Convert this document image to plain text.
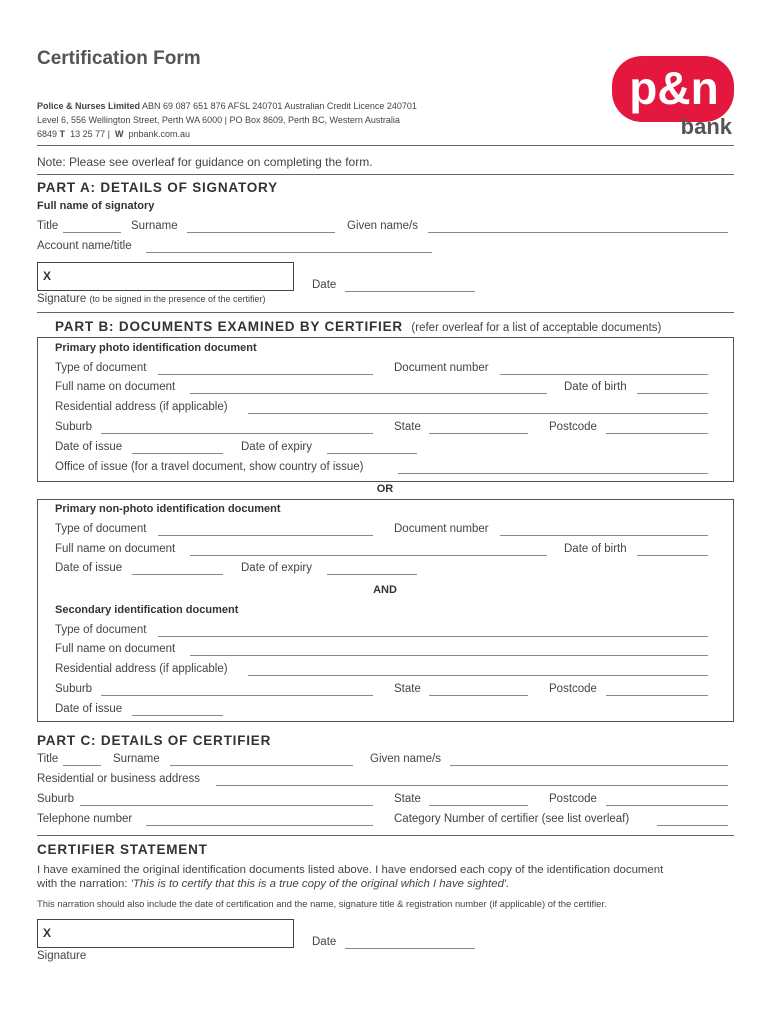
Certification Form
Police & Nurses Limited ABN 69 087 651 876 AFSL 240701 Australian Credit Licence 240701
Level 6, 556 Wellington Street, Perth WA 6000 | PO Box 8609, Perth BC, Western Australia
6849 T 13 25 77 | W pnbank.com.au
p&n
bank
Note: Please see overleaf for guidance on completing the form.
PART A: DETAILS OF SIGNATORY
Full name of signatory
Title	Surname	Given name/s
Account name/title
X
Date
Signature (to be signed in the presence of the certifier)
PART B: DOCUMENTS EXAMINED BY CERTIFIER (refer overleaf for a list of acceptable documents)
Primary photo identification document
Type of document	Document number
Full name on document	Date of birth
Residential address (if applicable)
Suburb	State	Postcode
Date of issue	Date of expiry
Office of issue (for a travel document, show country of issue)
OR
Primary non-photo identification document
Type of document	Document number
Full name on document	Date of birth
Date of issue	Date of expiry
AND
Secondary identification document
Type of document
Full name on document
Residential address (if applicable)
Suburb	State	Postcode
Date of issue
PART C: DETAILS OF CERTIFIER
Title	Surname	Given name/s
Residential or business address
Suburb	State	Postcode
Telephone number	Category Number of certifier (see list overleaf)
CERTIFIER STATEMENT
I have examined the original identification documents listed above. I have endorsed each copy of the identification document
with the narration: 'This is to certify that this is a true copy of the original which I have sighted'.
This narration should also include the date of certification and the name, signature title & registration number (if applicable) of the certifier.
X
Date
Signature
